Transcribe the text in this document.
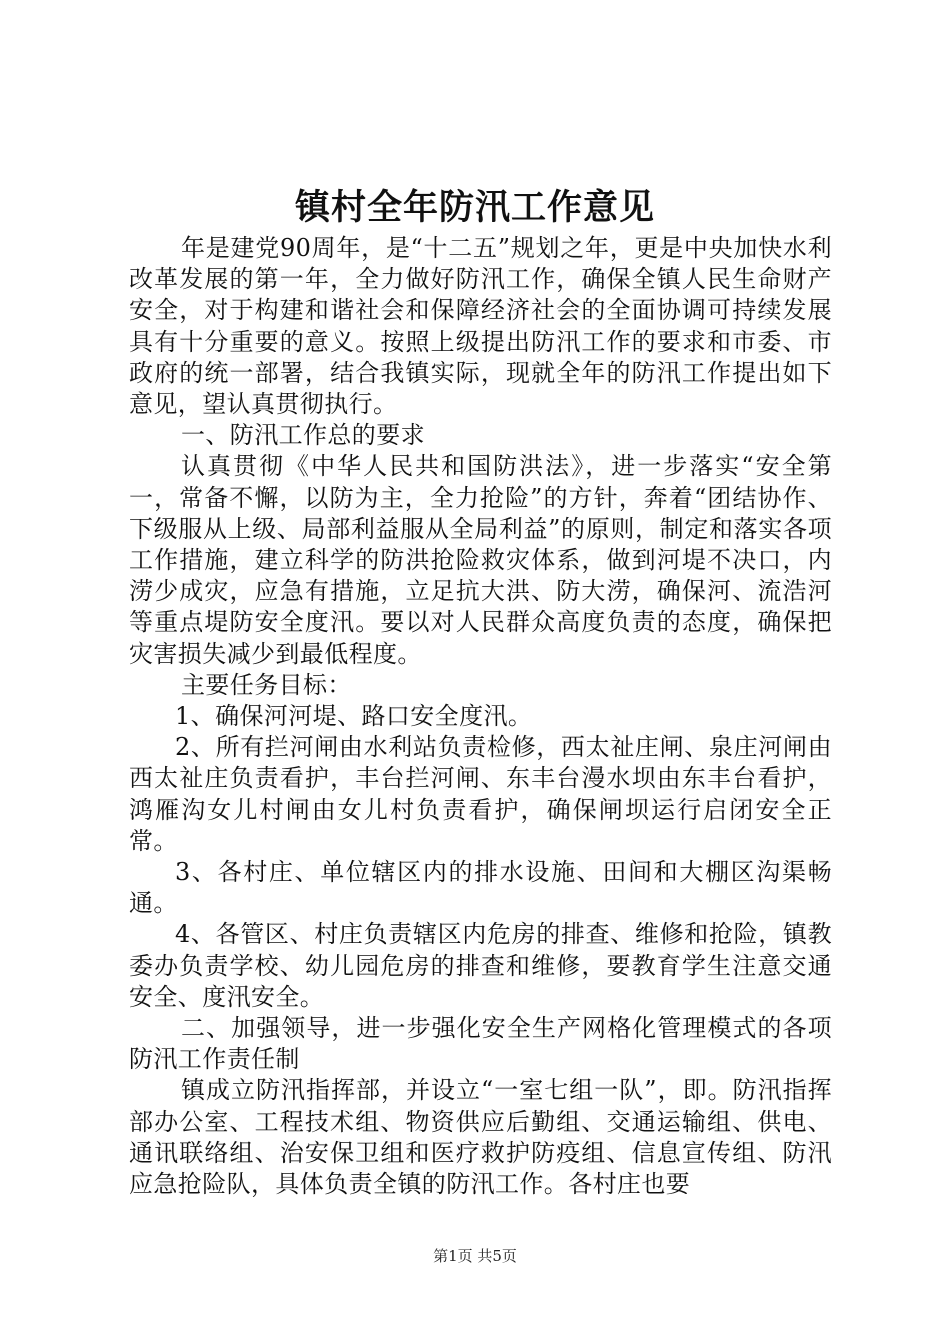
镇村全年防汛工作意见

年是建党90周年，是“十二五”规划之年，更是中央加快水利改革发展的第一年，全力做好防汛工作，确保全镇人民生命财产安全，对于构建和谐社会和保障经济社会的全面协调可持续发展具有十分重要的意义。按照上级提出防汛工作的要求和市委、市政府的统一部署，结合我镇实际，现就全年的防汛工作提出如下意见，望认真贯彻执行。

一、防汛工作总的要求

认真贯彻《中华人民共和国防洪法》，进一步落实“安全第一，常备不懈，以防为主，全力抢险”的方针，奔着“团结协作、下级服从上级、局部利益服从全局利益”的原则，制定和落实各项工作措施，建立科学的防洪抢险救灾体系，做到河堤不决口，内涝少成灾，应急有措施，立足抗大洪、防大涝，确保河、流浩河等重点堤防安全度汛。要以对人民群众高度负责的态度，确保把灾害损失减少到最低程度。

主要任务目标：

1、确保河河堤、路口安全度汛。

2、所有拦河闸由水利站负责检修，西太祉庄闸、泉庄河闸由西太祉庄负责看护，丰台拦河闸、东丰台漫水坝由东丰台看护，鸿雁沟女儿村闸由女儿村负责看护，确保闸坝运行启闭安全正常。

3、各村庄、单位辖区内的排水设施、田间和大棚区沟渠畅通。

4、各管区、村庄负责辖区内危房的排查、维修和抢险，镇教委办负责学校、幼儿园危房的排查和维修，要教育学生注意交通安全、度汛安全。

二、加强领导，进一步强化安全生产网格化管理模式的各项防汛工作责任制

镇成立防汛指挥部，并设立“一室七组一队”，即。防汛指挥部办公室、工程技术组、物资供应后勤组、交通运输组、供电、通讯联络组、治安保卫组和医疗救护防疫组、信息宣传组、防汛应急抢险队，具体负责全镇的防汛工作。各村庄也要

第1页 共5页
